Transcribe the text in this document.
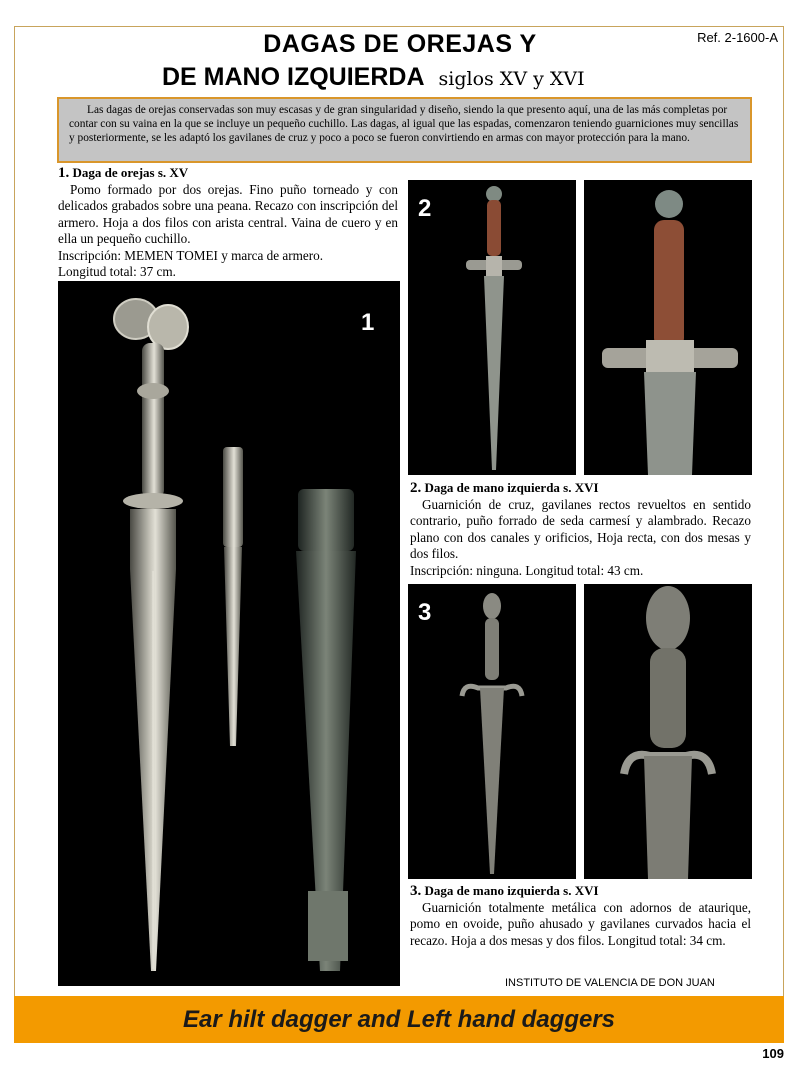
Ref. 2-1600-A
DAGAS DE OREJAS Y
DE MANO IZQUIERDA siglos XV y XVI
Las dagas de orejas conservadas son muy escasas y de gran singularidad y diseño, siendo la que presento aquí, una de las más completas por contar con su vaina en la que se incluye un pequeño cuchillo. Las dagas, al igual que las espadas, comenzaron teniendo guarniciones muy sencillas y posteriormente, se les adaptó los gavilanes de cruz y poco a poco se fueron convirtiendo en armas con mayor protección para la mano.
1. Daga de orejas s. XV
Pomo formado por dos orejas. Fino puño torneado y con delicados grabados sobre una peana. Recazo con inscripción del armero. Hoja a dos filos con arista central. Vaina de cuero y en ella un pequeño cuchillo.
Inscripción: MEMEN TOMEI y marca de armero.
Longitud total: 37 cm.
1
2
2. Daga de mano izquierda s. XVI
Guarnición de cruz, gavilanes rectos revueltos en sentido contrario, puño forrado de seda carmesí y alambrado. Recazo plano con dos canales y orificios, Hoja recta, con dos mesas y dos filos.
Inscripción: ninguna. Longitud total: 43 cm.
3
3. Daga de mano izquierda s. XVI
Guarnición totalmente metálica con adornos de ataurique, pomo en ovoide, puño ahusado y gavilanes curvados hacia el recazo. Hoja a dos mesas y dos filos. Longitud total: 34 cm.
INSTITUTO DE VALENCIA DE DON JUAN
Ear hilt dagger and Left hand daggers
109
